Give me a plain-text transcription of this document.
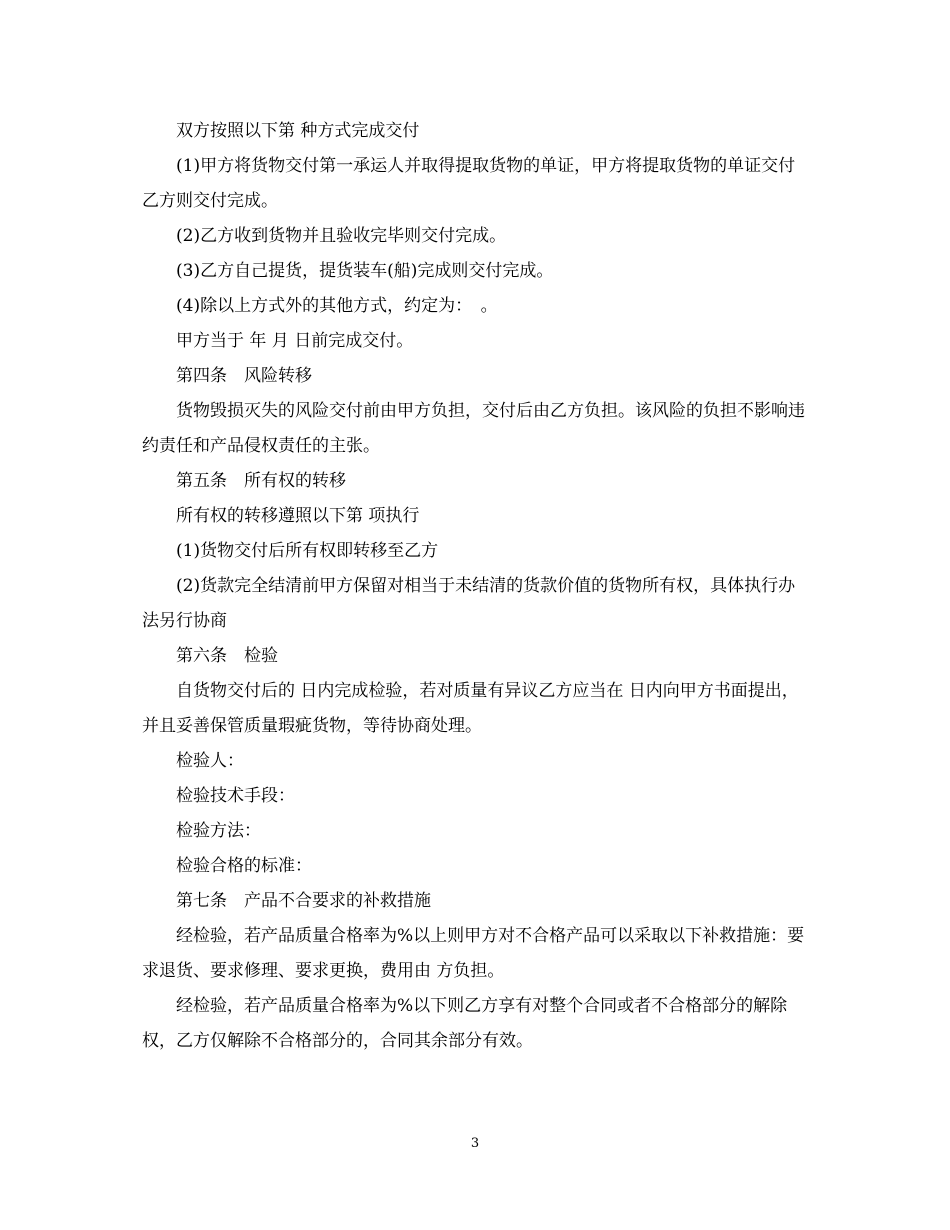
双方按照以下第 种方式完成交付

(1)甲方将货物交付第一承运人并取得提取货物的单证，甲方将提取货物的单证交付乙方则交付完成。

(2)乙方收到货物并且验收完毕则交付完成。

(3)乙方自己提货，提货装车(船)完成则交付完成。

(4)除以上方式外的其他方式，约定为：　。

甲方当于 年 月 日前完成交付。

第四条　风险转移

货物毁损灭失的风险交付前由甲方负担，交付后由乙方负担。该风险的负担不影响违约责任和产品侵权责任的主张。

第五条　所有权的转移

所有权的转移遵照以下第 项执行

(1)货物交付后所有权即转移至乙方

(2)货款完全结清前甲方保留对相当于未结清的货款价值的货物所有权，具体执行办法另行协商

第六条　检验

自货物交付后的 日内完成检验，若对质量有异议乙方应当在 日内向甲方书面提出，并且妥善保管质量瑕疵货物，等待协商处理。

检验人：

检验技术手段：

检验方法：

检验合格的标准：

第七条　产品不合要求的补救措施

经检验，若产品质量合格率为%以上则甲方对不合格产品可以采取以下补救措施：要求退货、要求修理、要求更换，费用由 方负担。

经检验，若产品质量合格率为%以下则乙方享有对整个合同或者不合格部分的解除权，乙方仅解除不合格部分的，合同其余部分有效。

3
